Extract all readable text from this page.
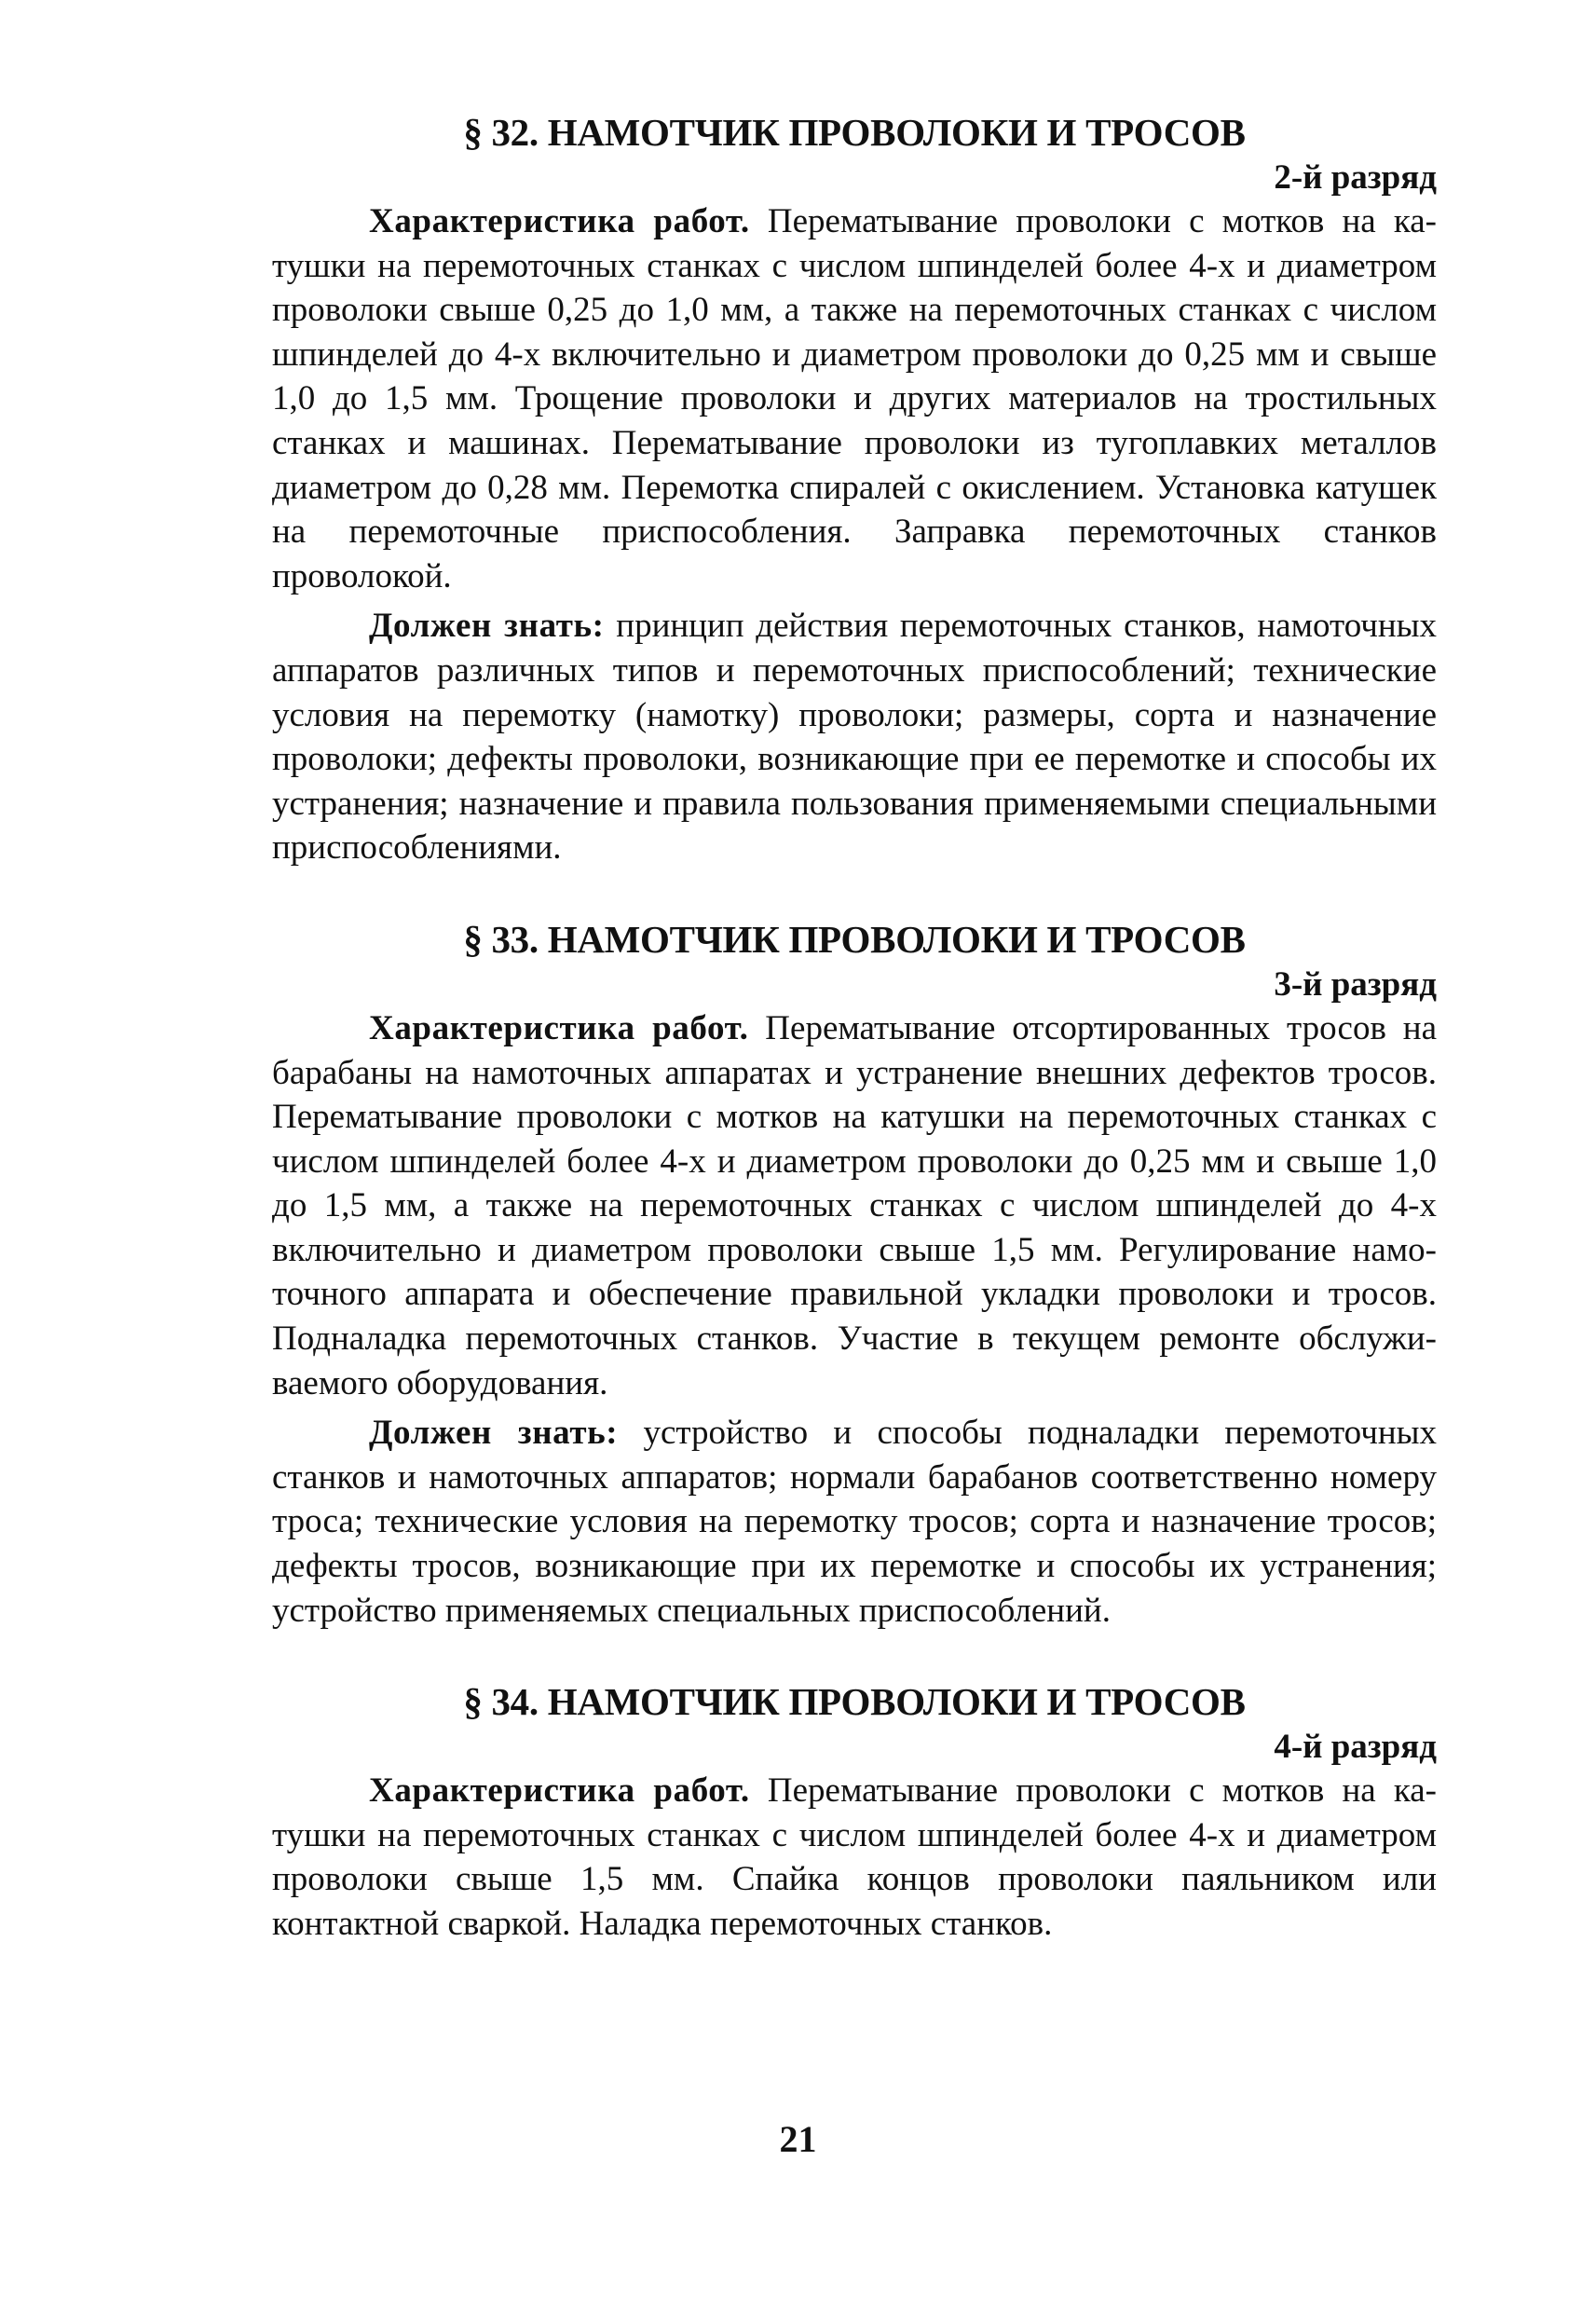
§ 32. НАМОТЧИК ПРОВОЛОКИ И ТРОСОВ
2-й разряд

Характеристика работ. Перематывание проволоки с мотков на катушки на перемоточных станках с числом шпинделей более 4-х и диаметром проволоки свыше 0,25 до 1,0 мм, а также на перемоточных станках с числом шпинделей до 4-х включительно и диаметром проволоки до 0,25 мм и свыше 1,0 до 1,5 мм. Трощение проволоки и других материалов на тростильных станках и машинах. Перематывание проволоки из тугоплавких металлов диаметром до 0,28 мм. Перемотка спиралей с окислением. Установка катушек на перемоточные приспособления. Заправка перемоточных станков проволокой.

Должен знать: принцип действия перемоточных станков, намоточных аппаратов различных типов и перемоточных приспособлений; технические условия на перемотку (намотку) проволоки; размеры, сорта и назначение проволоки; дефекты проволоки, возникающие при ее перемотке и способы их устранения; назначение и правила пользования применяемыми специальными приспособлениями.

§ 33. НАМОТЧИК ПРОВОЛОКИ И ТРОСОВ
3-й разряд

Характеристика работ. Перематывание отсортированных тросов на барабаны на намоточных аппаратах и устранение внешних дефектов тросов. Перематывание проволоки с мотков на катушки на перемоточных станках с числом шпинделей более 4-х и диаметром проволоки до 0,25 мм и свыше 1,0 до 1,5 мм, а также на перемоточных станках с числом шпинделей до 4-х включительно и диаметром проволоки свыше 1,5 мм. Регулирование намоточного аппарата и обеспечение правильной укладки проволоки и тросов. Подналадка перемоточных станков. Участие в текущем ремонте обслуживаемого оборудования.

Должен знать: устройство и способы подналадки перемоточных станков и намоточных аппаратов; нормали барабанов соответственно номеру троса; технические условия на перемотку тросов; сорта и назначение тросов; дефекты тросов, возникающие при их перемотке и способы их устранения; устройство применяемых специальных приспособлений.

§ 34. НАМОТЧИК ПРОВОЛОКИ И ТРОСОВ
4-й разряд

Характеристика работ. Перематывание проволоки с мотков на катушки на перемоточных станках с числом шпинделей более 4-х и диаметром проволоки свыше 1,5 мм. Спайка концов проволоки паяльником или контактной сваркой. Наладка перемоточных станков.

21
